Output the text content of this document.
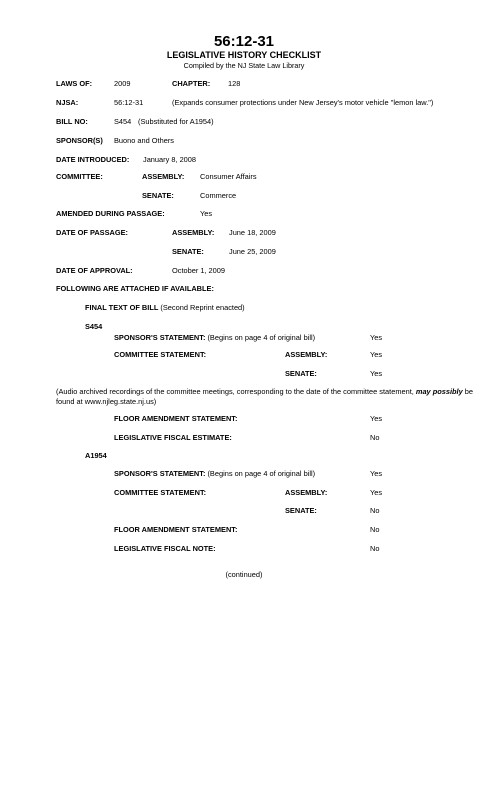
56:12-31
LEGISLATIVE HISTORY CHECKLIST
Compiled by the NJ State Law Library
LAWS OF:	2009	CHAPTER: 128
NJSA:	56:12-31	(Expands consumer protections under New Jersey's motor vehicle "lemon law.")
BILL NO:	S454 (Substituted for A1954)
SPONSOR(S) Buono and Others
DATE INTRODUCED: January 8, 2008
COMMITTEE:	ASSEMBLY: Consumer Affairs
SENATE:	Commerce
AMENDED DURING PASSAGE:	Yes
DATE OF PASSAGE:	ASSEMBLY: June 18, 2009
SENATE:	June 25, 2009
DATE OF APPROVAL:	October 1, 2009
FOLLOWING ARE ATTACHED IF AVAILABLE:
FINAL TEXT OF BILL (Second Reprint enacted)
S454
SPONSOR'S STATEMENT: (Begins on page 4 of original bill)	Yes
COMMITTEE STATEMENT:	ASSEMBLY:	Yes
SENATE:	Yes
(Audio archived recordings of the committee meetings, corresponding to the date of the committee statement, may possibly be found at www.njleg.state.nj.us)
FLOOR AMENDMENT STATEMENT:	Yes
LEGISLATIVE FISCAL ESTIMATE:	No
A1954
SPONSOR'S STATEMENT: (Begins on page 4 of original bill)	Yes
COMMITTEE STATEMENT:	ASSEMBLY:	Yes
SENATE:	No
FLOOR AMENDMENT STATEMENT:	No
LEGISLATIVE FISCAL NOTE:	No
(continued)
